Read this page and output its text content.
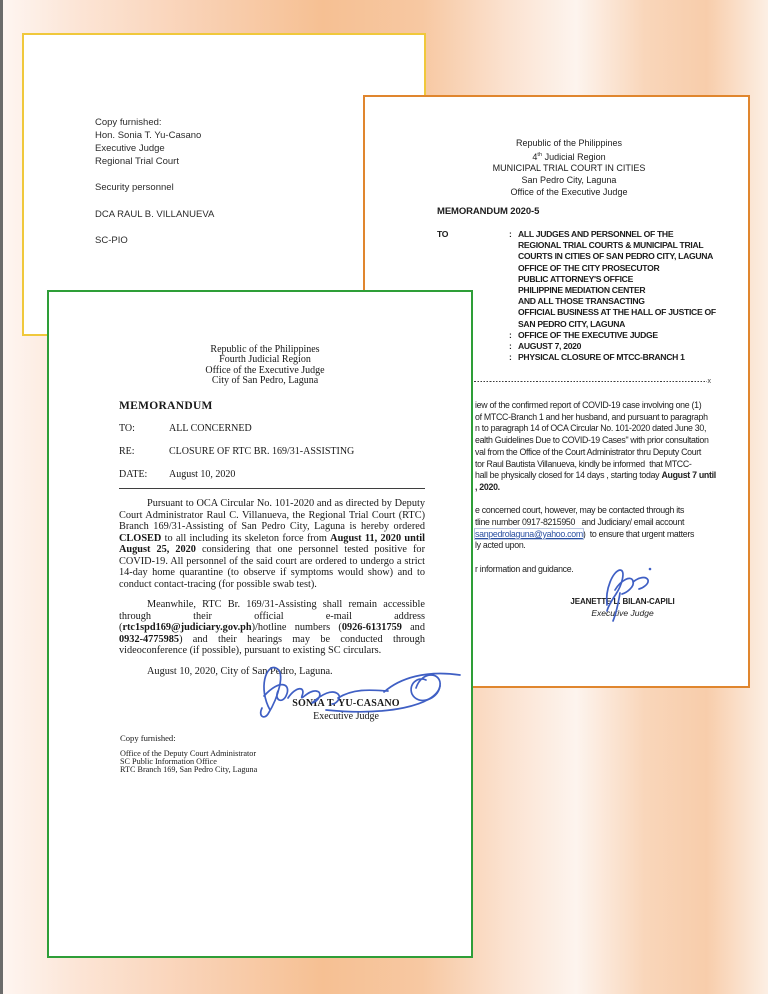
Copy furnished:
Hon. Sonia T. Yu-Casano
Executive Judge
Regional Trial Court

Security personnel

DCA RAUL B. VILLANUEVA

SC-PIO
Republic of the Philippines
4th Judicial Region
MUNICIPAL TRIAL COURT IN CITIES
San Pedro City, Laguna
Office of the Executive Judge
MEMORANDUM 2020-5
TO	: ALL JUDGES AND PERSONNEL OF THE

REGIONAL TRIAL COURTS & MUNICIPAL TRIAL

COURTS IN CITIES OF SAN PEDRO CITY, LAGUNA

OFFICE OF THE CITY PROSECUTOR

PUBLIC ATTORNEY'S OFFICE

PHILIPPINE MEDIATION CENTER

AND ALL THOSE TRANSACTING

OFFICIAL BUSINESS AT THE HALL OF JUSTICE OF

SAN PEDRO CITY, LAGUNA

: OFFICE OF THE EXECUTIVE JUDGE

: AUGUST 7, 2020

: PHYSICAL CLOSURE OF MTCC-BRANCH 1
x
iew of the confirmed report of COVID-19 case involving one (1)
of MTCC-Branch 1 and her husband, and pursuant to paragraph
n to paragraph 14 of OCA Circular No. 101-2020 dated June 30,
ealth Guidelines Due to COVID-19 Cases" with prior consultation
val from the Office of the Court Administrator thru Deputy Court
tor Raul Bautista Villanueva, kindly be informed  that MTCC-
hall be physically closed for 14 days , starting today August 7 until
, 2020.

e concerned court, however, may be contacted through its
tline number 0917-8215950   and Judiciary/ email account
sanpedrolaguna@yahoo.com)  to ensure that urgent matters
ly acted upon.

r information and guidance.
JEANETTE L. BILAN-CAPILI
Executive Judge
Republic of the Philippines
Fourth Judicial Region
Office of the Executive Judge
City of San Pedro, Laguna
MEMORANDUM
TO:	ALL CONCERNED
RE:	CLOSURE OF RTC BR. 169/31-ASSISTING
DATE:	August 10, 2020

Pursuant to OCA Circular No. 101-2020 and as directed by Deputy Court Administrator Raul C. Villanueva, the Regional Trial Court (RTC) Branch 169/31-Assisting of San Pedro City, Laguna is hereby ordered CLOSED to all including its skeleton force from August 11, 2020 until August 25, 2020 considering that one personnel tested positive for COVID-19. All personnel of the said court are ordered to undergo a strict 14-day home quarantine (to observe if symptoms would show) and to conduct contact-tracing (for possible swab test).

Meanwhile, RTC Br. 169/31-Assisting shall remain accessible through their official e-mail address (rtc1spd169@judiciary.gov.ph)/hotline numbers (0926-6131759 and 0932-4775985) and their hearings may be conducted through videoconference (if possible), pursuant to existing SC circulars.

August 10, 2020, City of San Pedro, Laguna.

SONIA T. YU-CASANO
Executive Judge
Copy furnished:
Office of the Deputy Court Administrator
SC Public Information Office
RTC Branch 169, San Pedro City, Laguna
